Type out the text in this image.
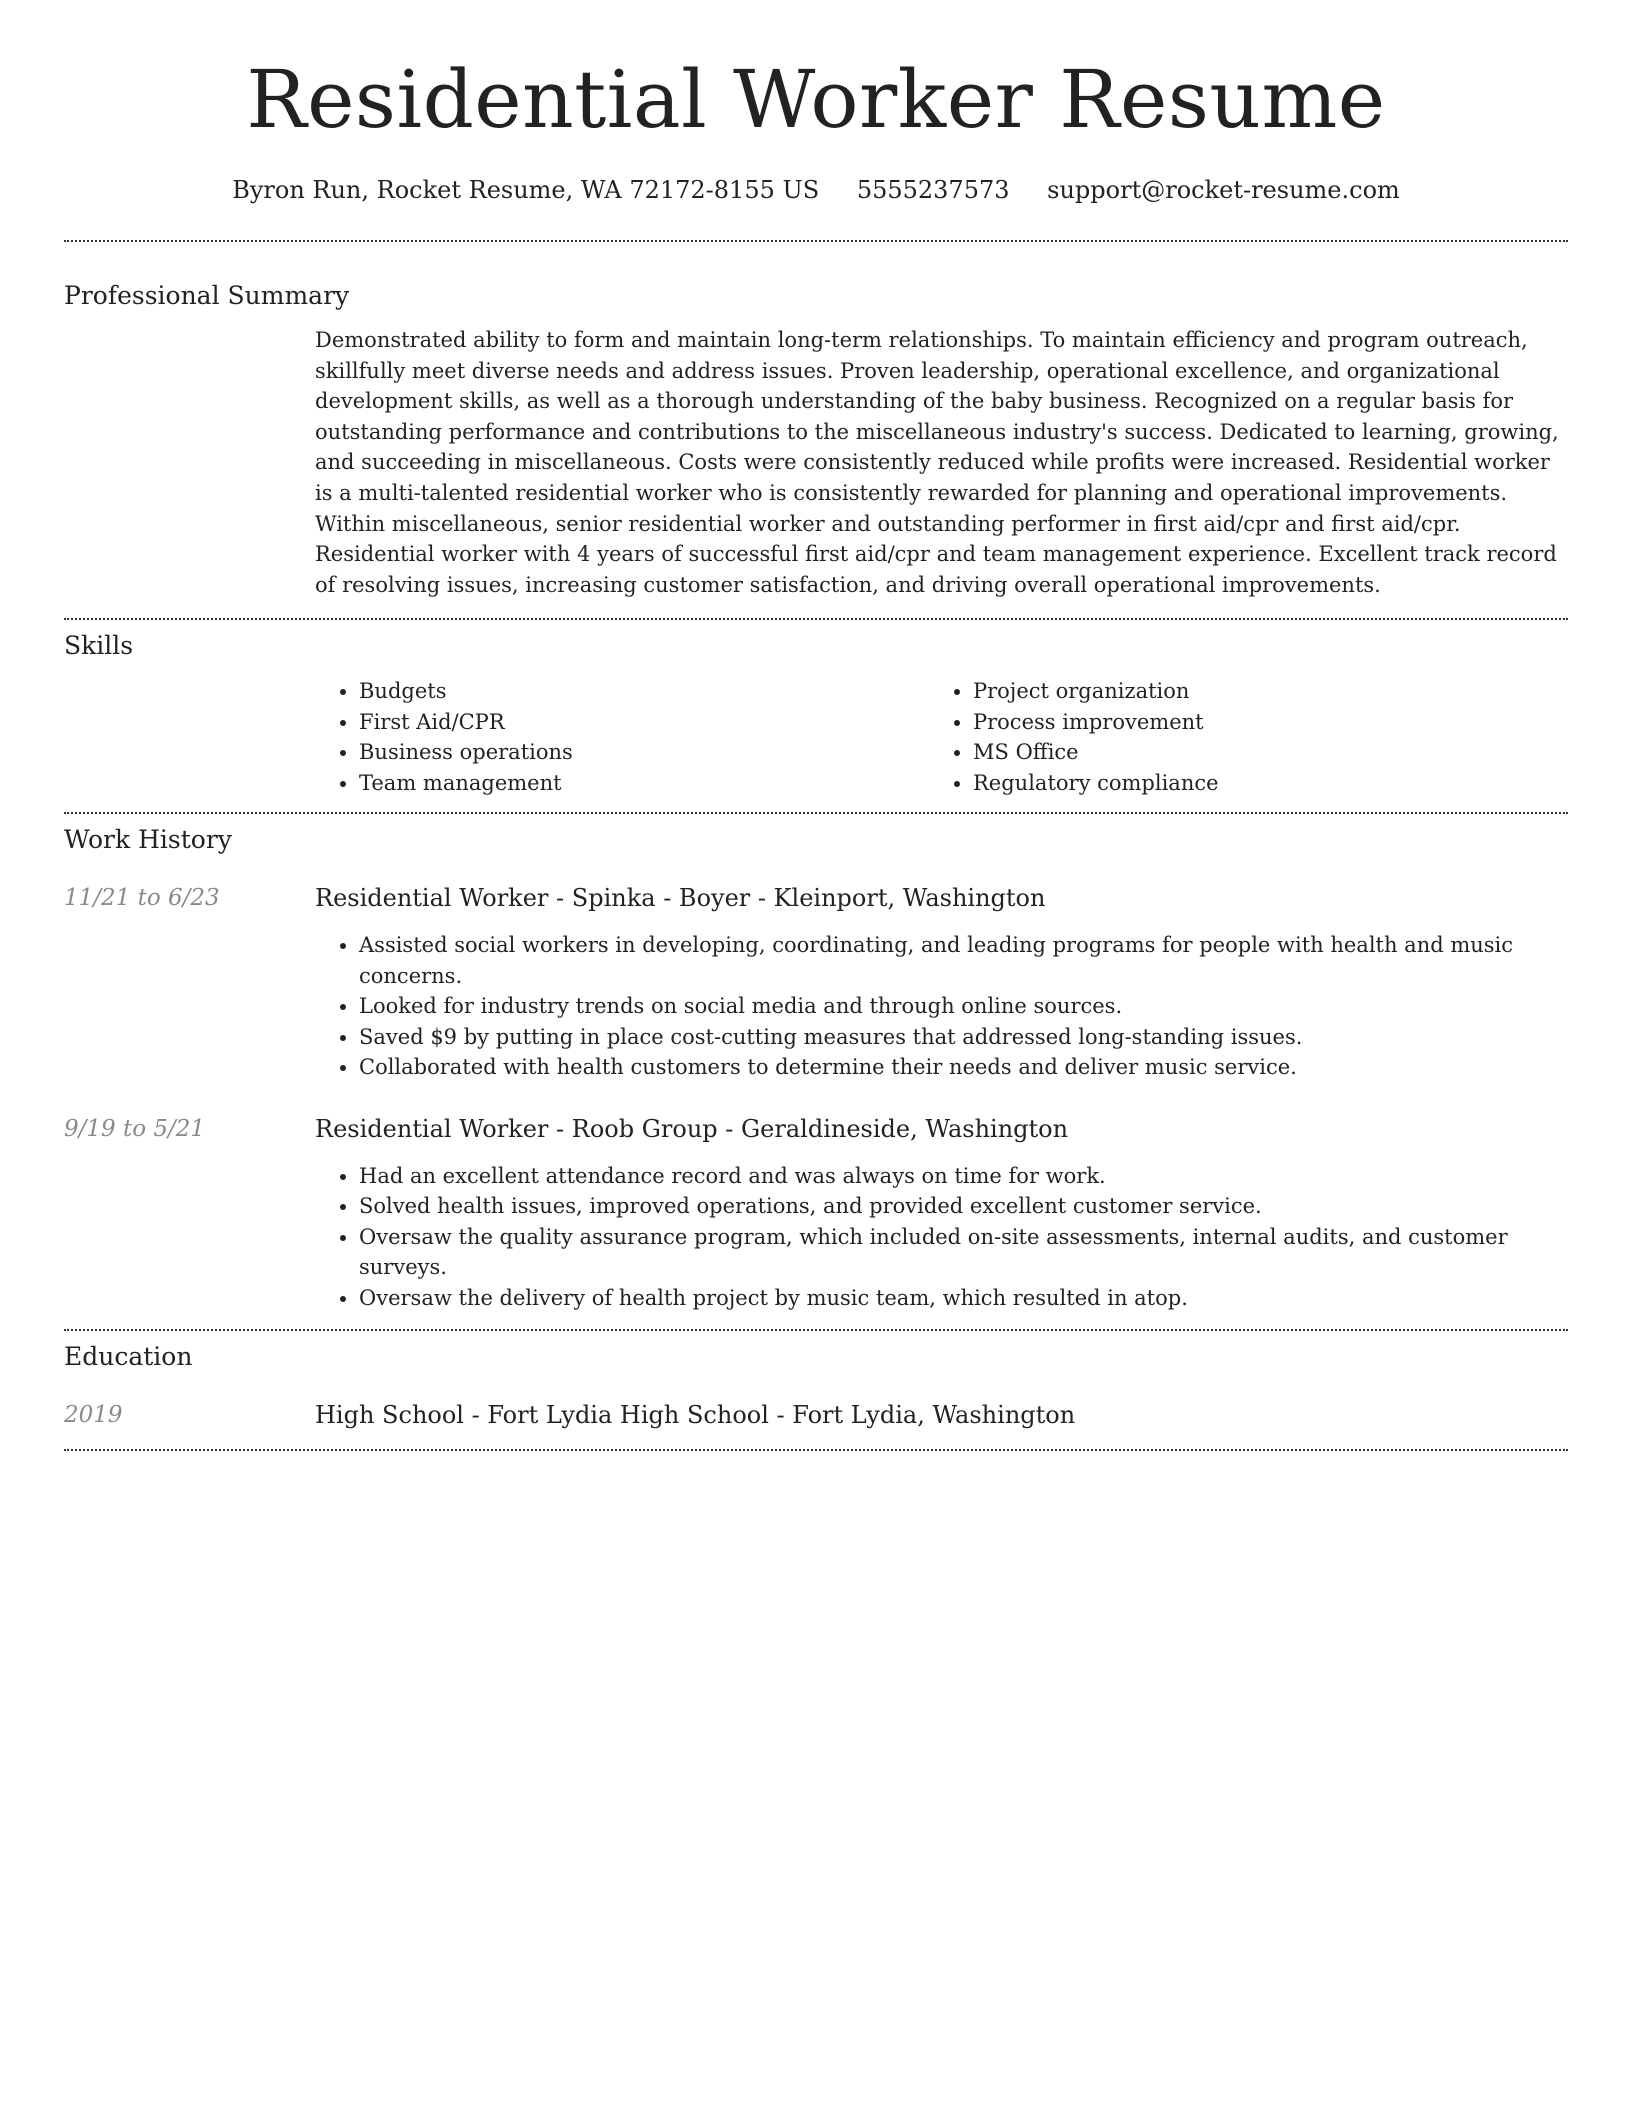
Residential Worker Resume
Byron Run, Rocket Resume, WA 72172-8155 US 5555237573 support@rocket-resume.com
Professional Summary

Demonstrated ability to form and maintain long-term relationships. To maintain efficiency and program outreach, skillfully meet diverse needs and address issues. Proven leadership, operational excellence, and organizational development skills, as well as a thorough understanding of the baby business. Recognized on a regular basis for outstanding performance and contributions to the miscellaneous industry's success. Dedicated to learning, growing, and succeeding in miscellaneous. Costs were consistently reduced while profits were increased. Residential worker is a multi-talented residential worker who is consistently rewarded for planning and operational improvements. Within miscellaneous, senior residential worker and outstanding performer in first aid/cpr and first aid/cpr. Residential worker with 4 years of successful first aid/cpr and team management experience. Excellent track record of resolving issues, increasing customer satisfaction, and driving overall operational improvements.

Skills
• Budgets
• First Aid/CPR
• Business operations
• Team management
• Project organization
• Process improvement
• MS Office
• Regulatory compliance
Work History
11/21 to 6/23	Residential Worker - Spinka - Boyer - Kleinport, Washington
• Assisted social workers in developing, coordinating, and leading programs for people with health and music concerns.
• Looked for industry trends on social media and through online sources.
• Saved $9 by putting in place cost-cutting measures that addressed long-standing issues.
• Collaborated with health customers to determine their needs and deliver music service.
9/19 to 5/21	Residential Worker - Roob Group - Geraldineside, Washington
• Had an excellent attendance record and was always on time for work.
• Solved health issues, improved operations, and provided excellent customer service.
• Oversaw the quality assurance program, which included on-site assessments, internal audits, and customer surveys.
• Oversaw the delivery of health project by music team, which resulted in atop.
Education
2019	High School - Fort Lydia High School - Fort Lydia, Washington
